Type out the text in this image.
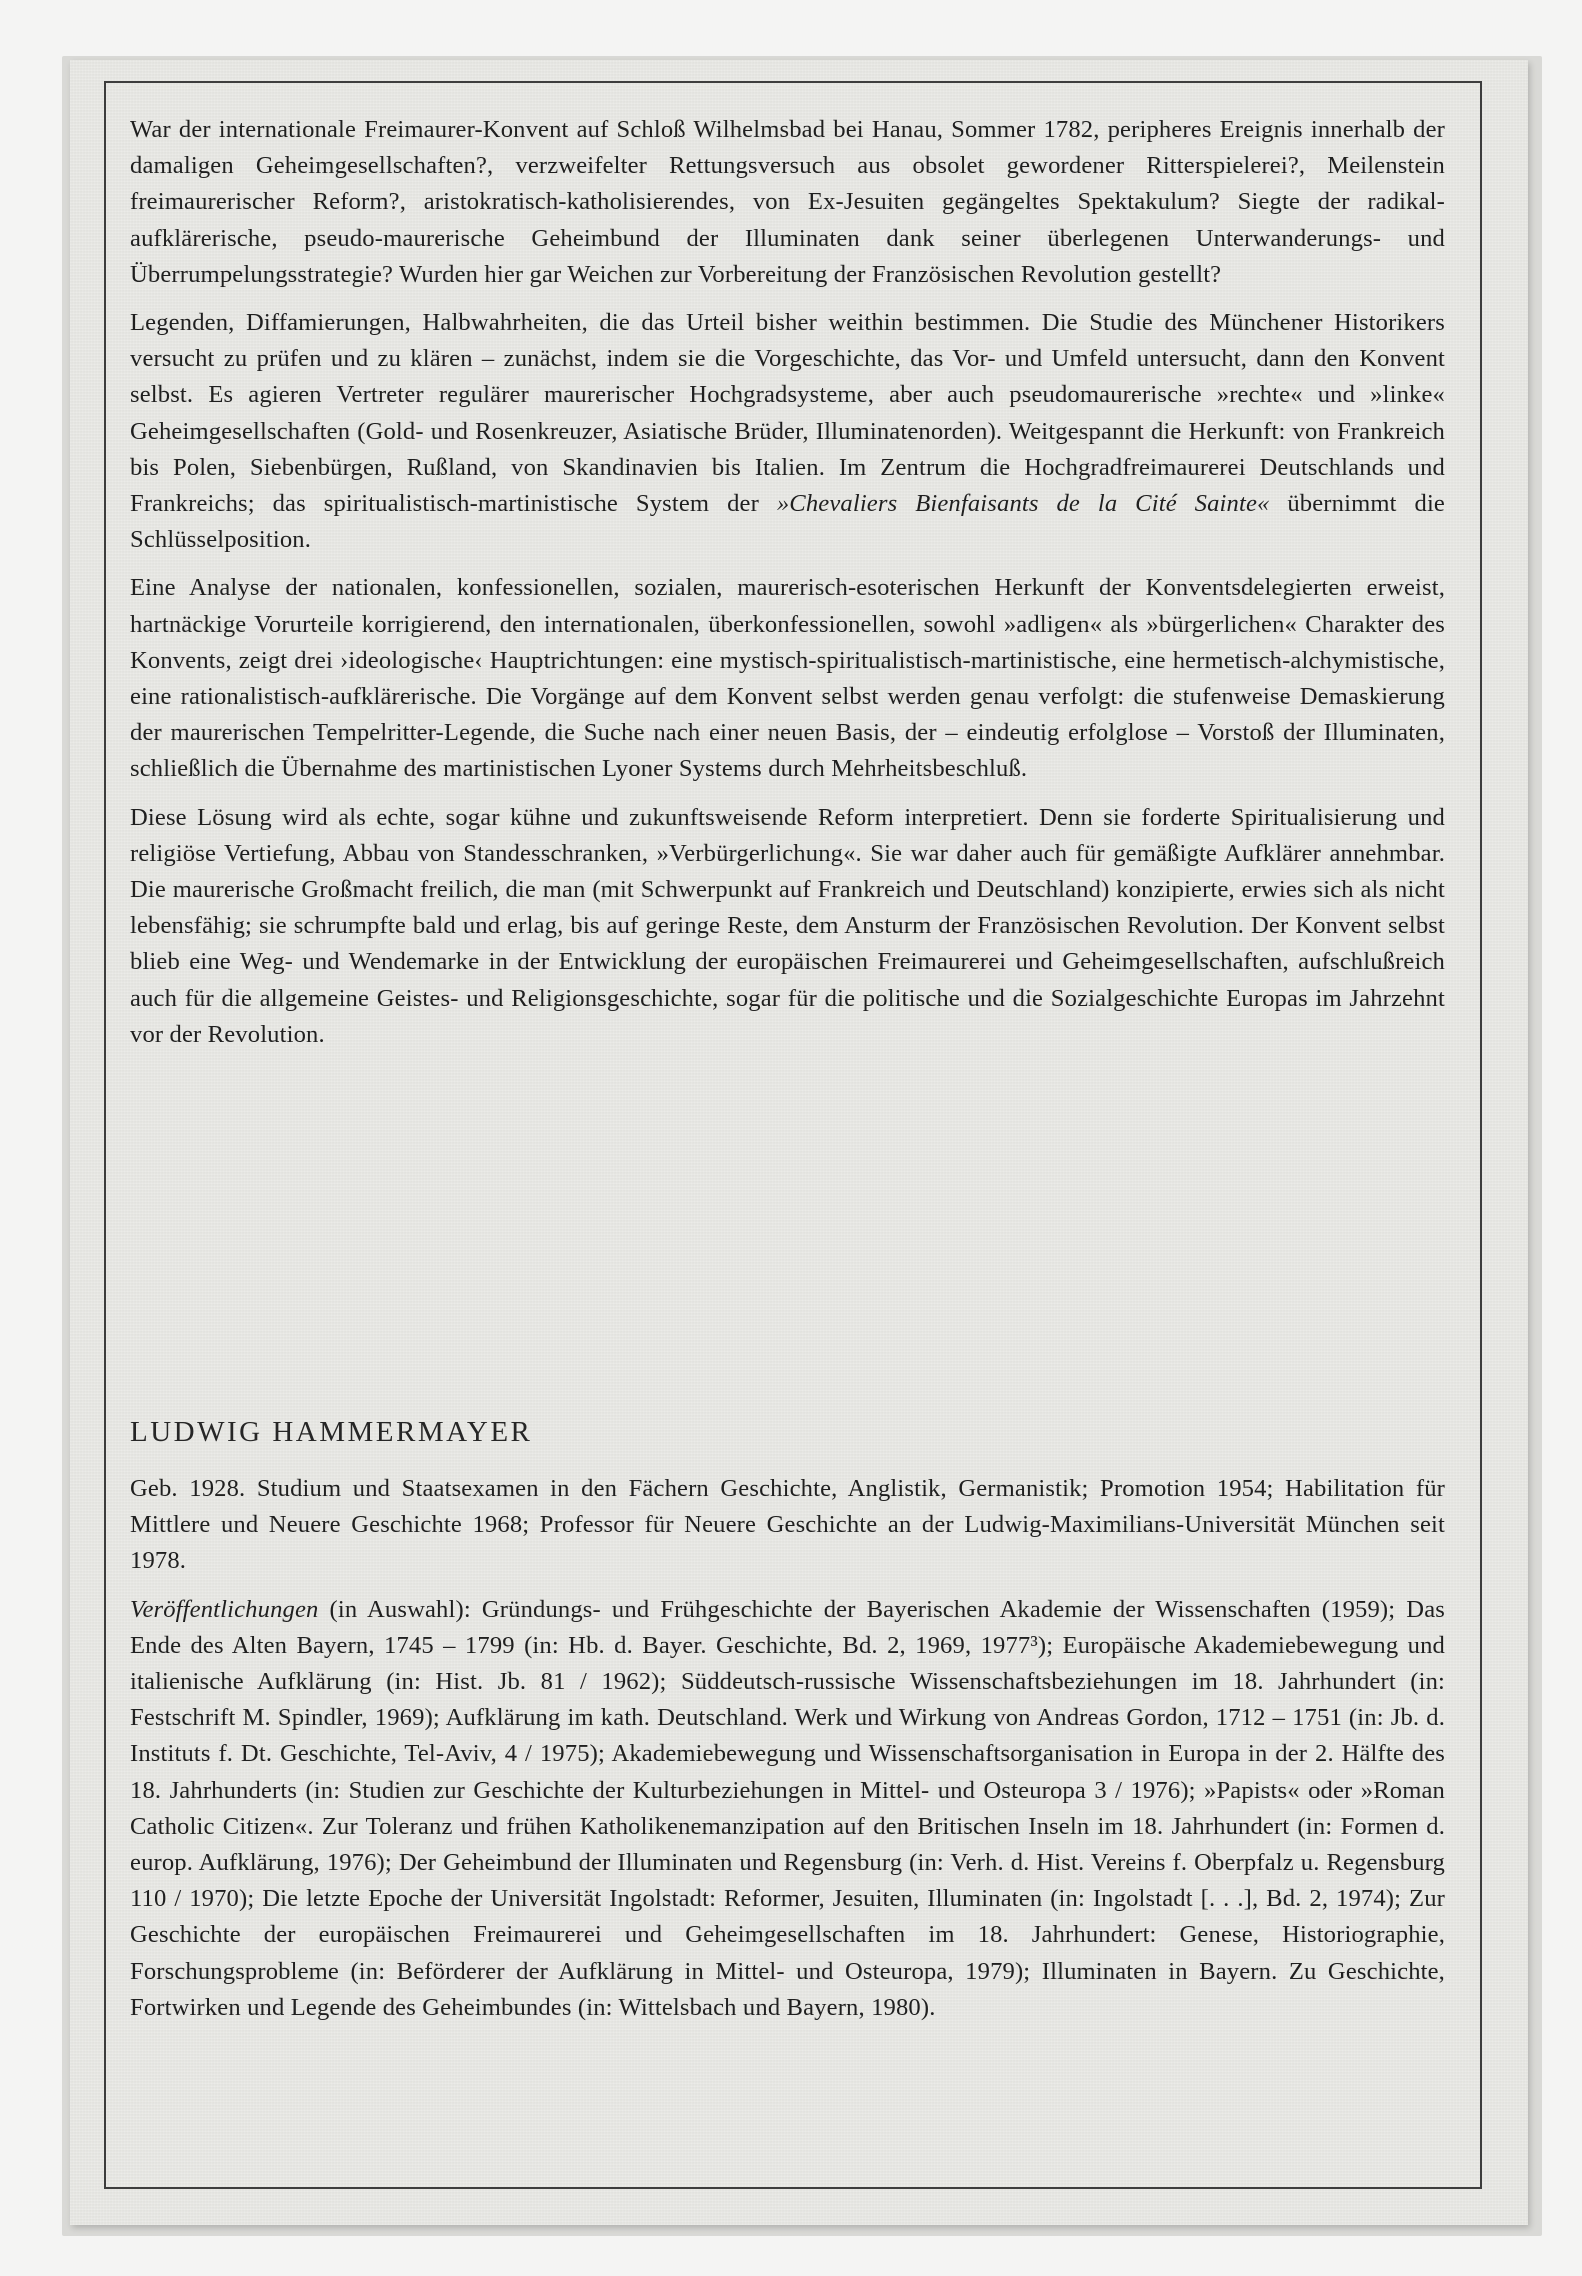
War der internationale Freimaurer-Konvent auf Schloß Wilhelmsbad bei Hanau, Sommer 1782, peripheres Ereignis innerhalb der damaligen Geheimgesellschaften?, verzweifelter Rettungsversuch aus obsolet gewordener Ritterspielerei?, Meilenstein freimaurerischer Reform?, aristokratisch-katholisierendes, von Ex-Jesuiten gegängeltes Spektakulum? Siegte der radikal-aufklärerische, pseudo-maurerische Geheimbund der Illuminaten dank seiner überlegenen Unterwanderungs- und Überrumpelungsstrategie? Wurden hier gar Weichen zur Vorbereitung der Französischen Revolution gestellt?

Legenden, Diffamierungen, Halbwahrheiten, die das Urteil bisher weithin bestimmen. Die Studie des Münchener Historikers versucht zu prüfen und zu klären – zunächst, indem sie die Vorgeschichte, das Vor- und Umfeld untersucht, dann den Konvent selbst. Es agieren Vertreter regulärer maurerischer Hochgradsysteme, aber auch pseudomaurerische »rechte« und »linke« Geheimgesellschaften (Gold- und Rosenkreuzer, Asiatische Brüder, Illuminatenorden). Weitgespannt die Herkunft: von Frankreich bis Polen, Siebenbürgen, Rußland, von Skandinavien bis Italien. Im Zentrum die Hochgradfreimaurerei Deutschlands und Frankreichs; das spiritualistisch-martinistische System der »Chevaliers Bienfaisants de la Cité Sainte« übernimmt die Schlüsselposition.

Eine Analyse der nationalen, konfessionellen, sozialen, maurerisch-esoterischen Herkunft der Konventsdelegierten erweist, hartnäckige Vorurteile korrigierend, den internationalen, überkonfessionellen, sowohl »adligen« als »bürgerlichen« Charakter des Konvents, zeigt drei ›ideologische‹ Hauptrichtungen: eine mystisch-spiritualistisch-martinistische, eine hermetisch-alchymistische, eine rationalistisch-aufklärerische. Die Vorgänge auf dem Konvent selbst werden genau verfolgt: die stufenweise Demaskierung der maurerischen Tempelritter-Legende, die Suche nach einer neuen Basis, der – eindeutig erfolglose – Vorstoß der Illuminaten, schließlich die Übernahme des martinistischen Lyoner Systems durch Mehrheitsbeschluß.

Diese Lösung wird als echte, sogar kühne und zukunftsweisende Reform interpretiert. Denn sie forderte Spiritualisierung und religiöse Vertiefung, Abbau von Standesschranken, »Verbürgerlichung«. Sie war daher auch für gemäßigte Aufklärer annehmbar. Die maurerische Großmacht freilich, die man (mit Schwerpunkt auf Frankreich und Deutschland) konzipierte, erwies sich als nicht lebensfähig; sie schrumpfte bald und erlag, bis auf geringe Reste, dem Ansturm der Französischen Revolution. Der Konvent selbst blieb eine Weg- und Wendemarke in der Entwicklung der europäischen Freimaurerei und Geheimgesellschaften, aufschlußreich auch für die allgemeine Geistes- und Religionsgeschichte, sogar für die politische und die Sozialgeschichte Europas im Jahrzehnt vor der Revolution.

LUDWIG HAMMERMAYER

Geb. 1928. Studium und Staatsexamen in den Fächern Geschichte, Anglistik, Germanistik; Promotion 1954; Habilitation für Mittlere und Neuere Geschichte 1968; Professor für Neuere Geschichte an der Ludwig-Maximilians-Universität München seit 1978.

Veröffentlichungen (in Auswahl): Gründungs- und Frühgeschichte der Bayerischen Akademie der Wissenschaften (1959); Das Ende des Alten Bayern, 1745 – 1799 (in: Hb. d. Bayer. Geschichte, Bd. 2, 1969, 1977³); Europäische Akademiebewegung und italienische Aufklärung (in: Hist. Jb. 81 / 1962); Süddeutsch-russische Wissenschaftsbeziehungen im 18. Jahrhundert (in: Festschrift M. Spindler, 1969); Aufklärung im kath. Deutschland. Werk und Wirkung von Andreas Gordon, 1712 – 1751 (in: Jb. d. Instituts f. Dt. Geschichte, Tel-Aviv, 4 / 1975); Akademiebewegung und Wissenschaftsorganisation in Europa in der 2. Hälfte des 18. Jahrhunderts (in: Studien zur Geschichte der Kulturbeziehungen in Mittel- und Osteuropa 3 / 1976); »Papists« oder »Roman Catholic Citizen«. Zur Toleranz und frühen Katholikenemanzipation auf den Britischen Inseln im 18. Jahrhundert (in: Formen d. europ. Aufklärung, 1976); Der Geheimbund der Illuminaten und Regensburg (in: Verh. d. Hist. Vereins f. Oberpfalz u. Regensburg 110 / 1970); Die letzte Epoche der Universität Ingolstadt: Reformer, Jesuiten, Illuminaten (in: Ingolstadt [. . .], Bd. 2, 1974); Zur Geschichte der europäischen Freimaurerei und Geheimgesellschaften im 18. Jahrhundert: Genese, Historiographie, Forschungsprobleme (in: Beförderer der Aufklärung in Mittel- und Osteuropa, 1979); Illuminaten in Bayern. Zu Geschichte, Fortwirken und Legende des Geheimbundes (in: Wittelsbach und Bayern, 1980).
